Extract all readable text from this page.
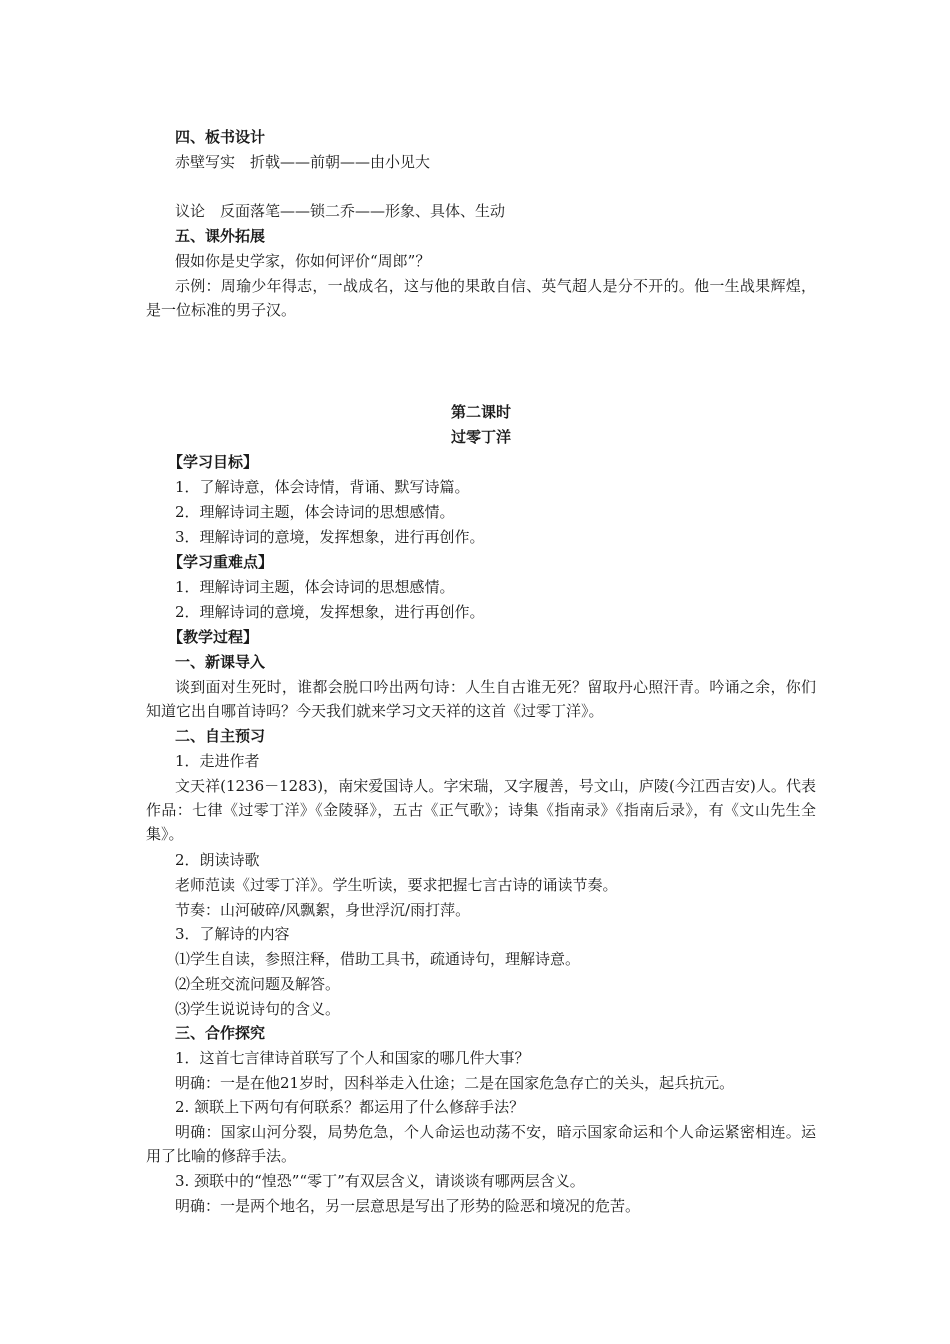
四、板书设计
赤壁写实　折戟——前朝——由小见大
议论　反面落笔——锁二乔——形象、具体、生动
五、课外拓展
假如你是史学家，你如何评价“周郎”？
示例：周瑜少年得志，一战成名，这与他的果敢自信、英气超人是分不开的。他一生战果辉煌，是一位标准的男子汉。
第二课时
过零丁洋
【学习目标】
1．了解诗意，体会诗情，背诵、默写诗篇。
2．理解诗词主题，体会诗词的思想感情。
3．理解诗词的意境，发挥想象，进行再创作。
【学习重难点】
1．理解诗词主题，体会诗词的思想感情。
2．理解诗词的意境，发挥想象，进行再创作。
【教学过程】
一、新课导入
谈到面对生死时，谁都会脱口吟出两句诗：人生自古谁无死？留取丹心照汗青。吟诵之余，你们知道它出自哪首诗吗？今天我们就来学习文天祥的这首《过零丁洋》。
二、自主预习
1．走进作者
文天祥(1236－1283)，南宋爱国诗人。字宋瑞，又字履善，号文山，庐陵(今江西吉安)人。代表作品：七律《过零丁洋》《金陵驿》，五古《正气歌》；诗集《指南录》《指南后录》，有《文山先生全集》。
2．朗读诗歌
老师范读《过零丁洋》。学生听读，要求把握七言古诗的诵读节奏。
节奏：山河破碎/风飘絮，身世浮沉/雨打萍。
3．了解诗的内容
⑴学生自读，参照注释，借助工具书，疏通诗句，理解诗意。
⑵全班交流问题及解答。
⑶学生说说诗句的含义。
三、合作探究
1．这首七言律诗首联写了个人和国家的哪几件大事？
明确：一是在他21岁时，因科举走入仕途；二是在国家危急存亡的关头，起兵抗元。
2. 颔联上下两句有何联系？都运用了什么修辞手法？
明确：国家山河分裂，局势危急，个人命运也动荡不安，暗示国家命运和个人命运紧密相连。运用了比喻的修辞手法。
3. 颈联中的“惶恐”“零丁”有双层含义，请谈谈有哪两层含义。
明确：一是两个地名，另一层意思是写出了形势的险恶和境况的危苦。
